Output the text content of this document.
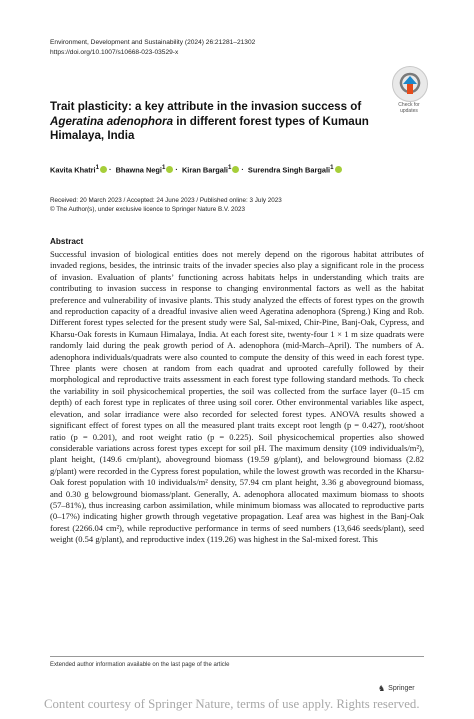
Environment, Development and Sustainability (2024) 26:21281–21302
https://doi.org/10.1007/s10668-023-03529-x
Check for
updates
Trait plasticity: a key attribute in the invasion success of Ageratina adenophora in different forest types of Kumaun Himalaya, India
Kavita Khatri$^1$ · Bhawna Negi$^1$ · Kiran Bargali$^1$ · Surendra Singh Bargali$^1$
Received: 20 March 2023 / Accepted: 24 June 2023 / Published online: 3 July 2023
© The Author(s), under exclusive licence to Springer Nature B.V. 2023
Abstract
Successful invasion of biological entities does not merely depend on the rigorous habitat attributes of invaded regions, besides, the intrinsic traits of the invader species also play a significant role in the process of invasion. Evaluation of plants’ functioning across habitats helps in understanding which traits are contributing to invasion success in response to changing environmental factors as well as the habitat preference and vulnerability of invasive plants. This study analyzed the effects of forest types on the growth and reproduction capacity of a dreadful invasive alien weed Ageratina adenophora (Spreng.) King and Rob. Different forest types selected for the present study were Sal, Sal-mixed, Chir-Pine, Banj-Oak, Cypress, and Kharsu-Oak forests in Kumaun Himalaya, India. At each forest site, twenty-four 1 × 1 m size quadrats were randomly laid during the peak growth period of A. adenophora (mid-March–April). The numbers of A. adenophora individuals/quadrats were also counted to compute the density of this weed in each forest type. Three plants were chosen at random from each quadrat and uprooted carefully followed by their morphological and reproductive traits assessment in each forest type following standard methods. To check the variability in soil physicochemical properties, the soil was collected from the surface layer (0–15 cm depth) of each forest type in replicates of three using soil corer. Other environmental variables like aspect, elevation, and solar irradiance were also recorded for selected forest types. ANOVA results showed a significant effect of forest types on all the measured plant traits except root length (p = 0.427), root/shoot ratio (p = 0.201), and root weight ratio (p = 0.225). Soil physicochemical properties also showed considerable variations across forest types except for soil pH. The maximum density (109 individuals/m²), plant height, (149.6 cm/plant), aboveground biomass (19.59 g/plant), and belowground biomass (2.82 g/plant) were recorded in the Cypress forest population, while the lowest growth was recorded in the Kharsu-Oak forest population with 10 individuals/m² density, 57.94 cm plant height, 3.36 g aboveground biomass, and 0.30 g belowground biomass/plant. Generally, A. adenophora allocated maximum biomass to shoots (57–81%), thus increasing carbon assimilation, while minimum biomass was allocated to reproductive parts (0–17%) indicating higher growth through vegetative propagation. Leaf area was highest in the Banj-Oak forest (2266.04 cm²), while reproductive performance in terms of seed numbers (13,646 seeds/plant), seed weight (0.54 g/plant), and reproductive index (119.26) was highest in the Sal-mixed forest. This
Extended author information available on the last page of the article
♞ Springer
Content courtesy of Springer Nature, terms of use apply. Rights reserved.
